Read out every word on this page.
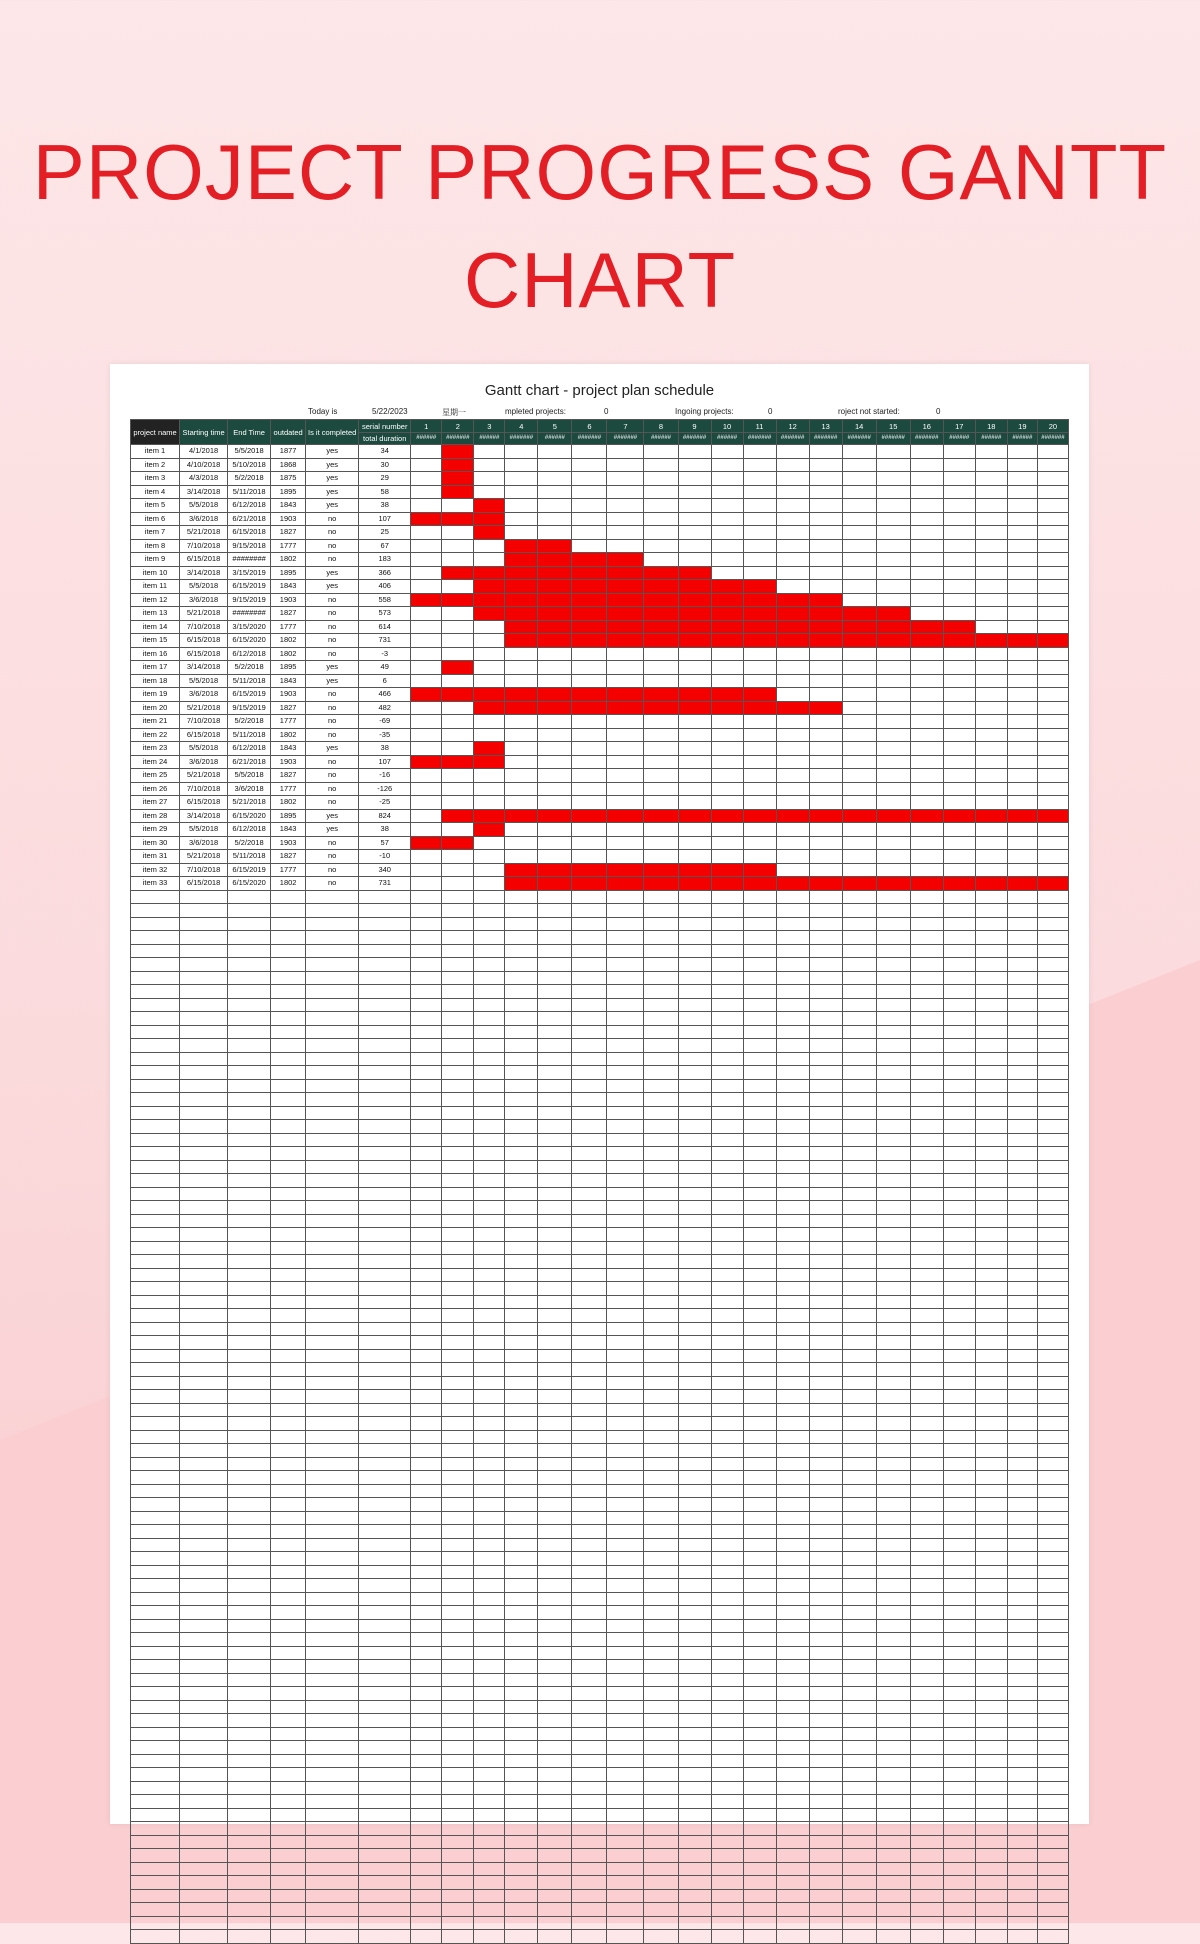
PROJECT PROGRESS GANTT CHART
Gantt chart - project plan schedule
Today is	5/22/2023	星期一	mpleted projects:	0	Ingoing projects:	0	roject not started:	0
project name	Starting time	End Time	outdated	Is it completed	serial number	1	2	3	4	5	6	7	8	9	10	11	12	13	14	15	16	17	18	19	20
					total duration	######	#######	######	#######	######	#######	#######	######	#######	######	#######	#######	#######	#######	#######	#######	######	######	######	#######
item 1	4/1/2018	5/5/2018	1877	yes	34																				
item 2	4/10/2018	5/10/2018	1868	yes	30																				
item 3	4/3/2018	5/2/2018	1875	yes	29																				
item 4	3/14/2018	5/11/2018	1895	yes	58																				
item 5	5/5/2018	6/12/2018	1843	yes	38																				
item 6	3/6/2018	6/21/2018	1903	no	107																				
item 7	5/21/2018	6/15/2018	1827	no	25																				
item 8	7/10/2018	9/15/2018	1777	no	67																				
item 9	6/15/2018	########	1802	no	183																				
item 10	3/14/2018	3/15/2019	1895	yes	366																				
item 11	5/5/2018	6/15/2019	1843	yes	406																				
item 12	3/6/2018	9/15/2019	1903	no	558																				
item 13	5/21/2018	########	1827	no	573																				
item 14	7/10/2018	3/15/2020	1777	no	614																				
item 15	6/15/2018	6/15/2020	1802	no	731																				
item 16	6/15/2018	6/12/2018	1802	no	-3																				
item 17	3/14/2018	5/2/2018	1895	yes	49																				
item 18	5/5/2018	5/11/2018	1843	yes	6																				
item 19	3/6/2018	6/15/2019	1903	no	466																				
item 20	5/21/2018	9/15/2019	1827	no	482																				
item 21	7/10/2018	5/2/2018	1777	no	-69																				
item 22	6/15/2018	5/11/2018	1802	no	-35																				
item 23	5/5/2018	6/12/2018	1843	yes	38																				
item 24	3/6/2018	6/21/2018	1903	no	107																				
item 25	5/21/2018	5/5/2018	1827	no	-16																				
item 26	7/10/2018	3/6/2018	1777	no	-126																				
item 27	6/15/2018	5/21/2018	1802	no	-25																				
item 28	3/14/2018	6/15/2020	1895	yes	824																				
item 29	5/5/2018	6/12/2018	1843	yes	38																				
item 30	3/6/2018	5/2/2018	1903	no	57																				
item 31	5/21/2018	5/11/2018	1827	no	-10																				
item 32	7/10/2018	6/15/2019	1777	no	340																				
item 33	6/15/2018	6/15/2020	1802	no	731																				
